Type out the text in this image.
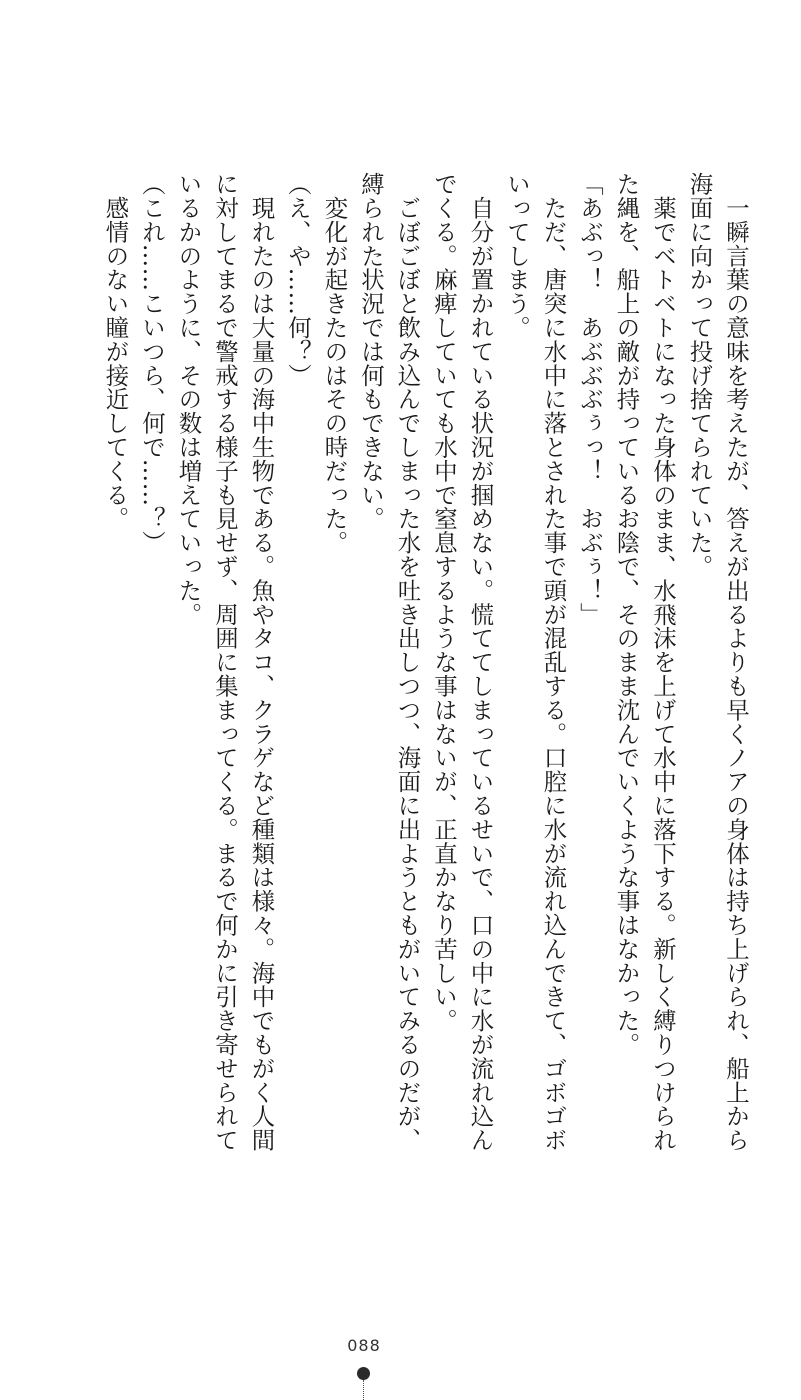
　一瞬言葉の意味を考えたが、答えが出るよりも早くノアの身体は持ち上げられ、船上から海面に向かって投げ捨てられていた。
　薬でベトベトになった身体のまま、水飛沫を上げて水中に落下する。新しく縛りつけられた縄を、船上の敵が持っているお陰で、そのまま沈んでいくような事はなかった。
「あぶっ！　あぶぶぶぅっ！　おぶぅ！」
　ただ、唐突に水中に落とされた事で頭が混乱する。口腔に水が流れ込んできて、ゴボゴボいってしまう。
　自分が置かれている状況が掴めない。慌ててしまっているせいで、口の中に水が流れ込んでくる。麻痺していても水中で窒息するような事はないが、正直かなり苦しい。
　ごぼごぼと飲み込んでしまった水を吐き出しつつ、海面に出ようともがいてみるのだが、縛られた状況では何もできない。
　変化が起きたのはその時だった。
（え、や……何？）
　現れたのは大量の海中生物である。魚やタコ、クラゲなど種類は様々。海中でもがく人間に対してまるで警戒する様子も見せず、周囲に集まってくる。まるで何かに引き寄せられているかのように、その数は増えていった。
（これ……こいつら、何で……？）
　感情のない瞳が接近してくる。
088
